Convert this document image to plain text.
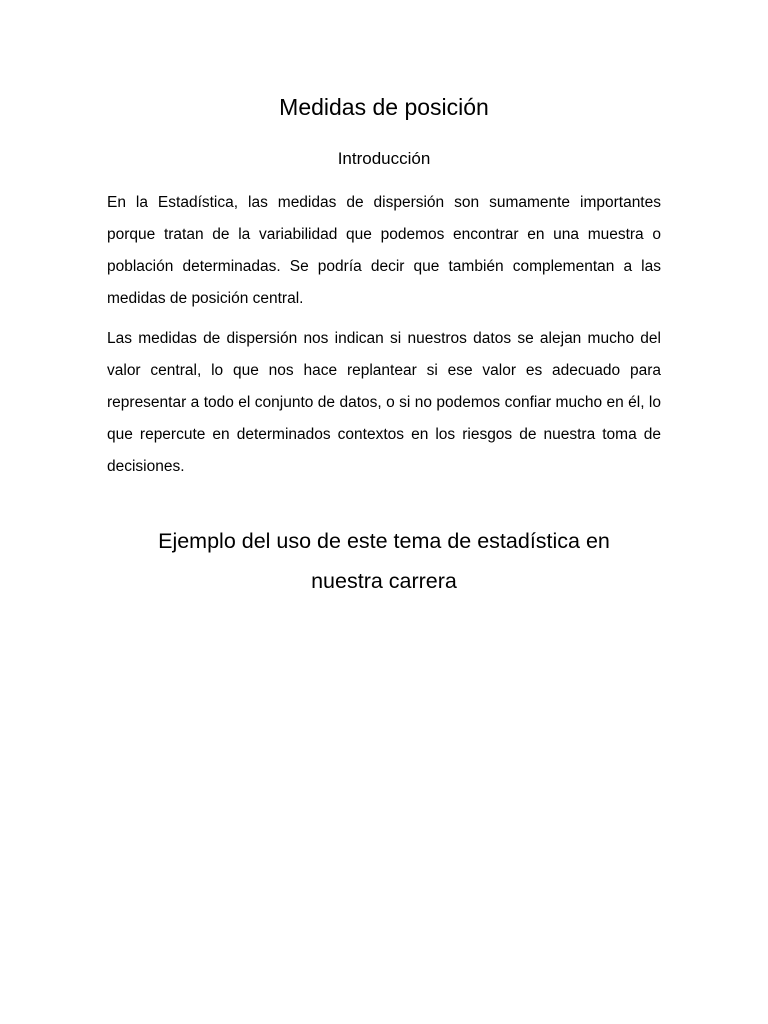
Medidas de posición
Introducción

En la Estadística, las medidas de dispersión son sumamente importantes porque tratan de la variabilidad que podemos encontrar en una muestra o población determinadas. Se podría decir que también complementan a las medidas de posición central.

Las medidas de dispersión nos indican si nuestros datos se alejan mucho del valor central, lo que nos hace replantear si ese valor es adecuado para representar a todo el conjunto de datos, o si no podemos confiar mucho en él, lo que repercute en determinados contextos en los riesgos de nuestra toma de decisiones.

Ejemplo del uso de este tema de estadística en nuestra carrera
